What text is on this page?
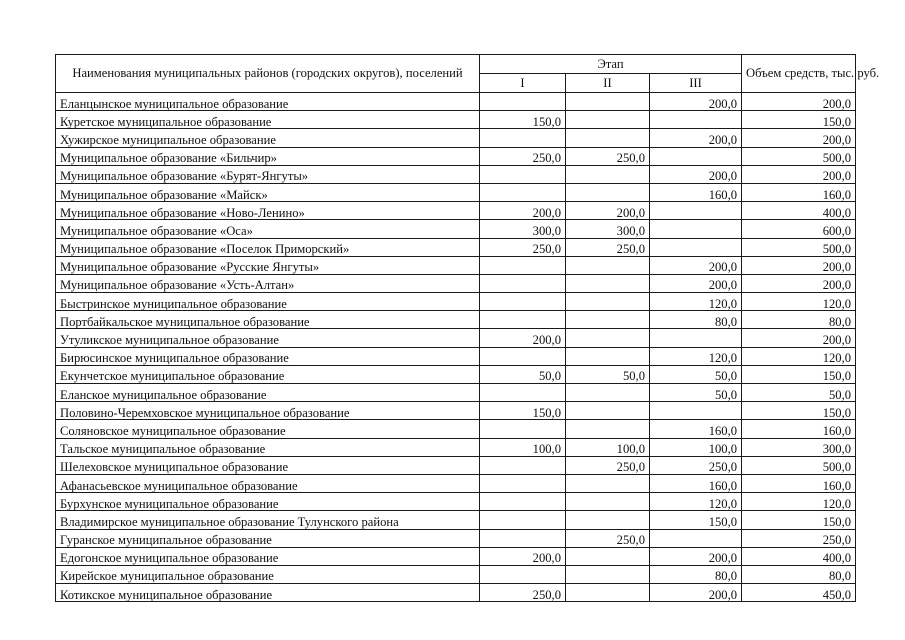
Наименования муниципальных районов (городских округов), поселений	Этап			Объем средств, тыс. руб.
	I	II	III	
Еланцынское муниципальное образование			200,0	200,0
Куретское муниципальное образование	150,0			150,0
Хужирское муниципальное образование			200,0	200,0
Муниципальное образование «Бильчир»	250,0	250,0		500,0
Муниципальное образование «Бурят-Янгуты»			200,0	200,0
Муниципальное образование «Майск»			160,0	160,0
Муниципальное образование «Ново-Ленино»	200,0	200,0		400,0
Муниципальное образование «Оса»	300,0	300,0		600,0
Муниципальное образование «Поселок Приморский»	250,0	250,0		500,0
Муниципальное образование «Русские Янгуты»			200,0	200,0
Муниципальное образование «Усть-Алтан»			200,0	200,0
Быстринское муниципальное образование			120,0	120,0
Портбайкальское муниципальное образование			80,0	80,0
Утуликское муниципальное образование	200,0			200,0
Бирюсинское муниципальное образование			120,0	120,0
Екунчетское муниципальное образование	50,0	50,0	50,0	150,0
Еланское муниципальное образование			50,0	50,0
Половино-Черемховское муниципальное образование	150,0			150,0
Соляновское муниципальное образование			160,0	160,0
Тальское муниципальное образование	100,0	100,0	100,0	300,0
Шелеховское муниципальное образование		250,0	250,0	500,0
Афанасьевское муниципальное образование			160,0	160,0
Бурхунское муниципальное образование			120,0	120,0
Владимирское муниципальное образование Тулунского района			150,0	150,0
Гуранское муниципальное образование		250,0		250,0
Едогонское муниципальное образование	200,0		200,0	400,0
Кирейское муниципальное образование			80,0	80,0
Котикское муниципальное образование	250,0		200,0	450,0
